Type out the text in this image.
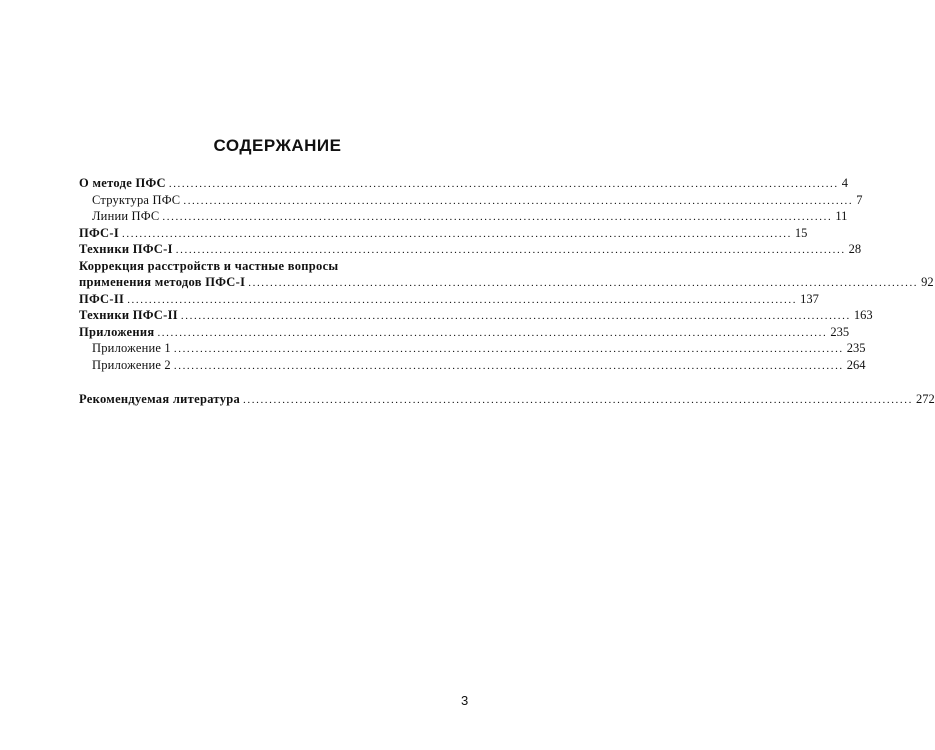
СОДЕРЖАНИЕ
О методе ПФС .......................................................................................................................................................... 4
Структура ПФС .......................................................................................................................................................... 7
Линии ПФС .......................................................................................................................................................... 11
ПФС-I .......................................................................................................................................................... 15
Техники ПФС-I .......................................................................................................................................................... 28
Коррекция расстройств и частные вопросы
применения методов ПФС-I .......................................................................................................................................................... 92
ПФС-II .......................................................................................................................................................... 137
Техники ПФС-II .......................................................................................................................................................... 163
Приложения .......................................................................................................................................................... 235
Приложение 1 .......................................................................................................................................................... 235
Приложение 2 .......................................................................................................................................................... 264
Рекомендуемая литература .......................................................................................................................................................... 272
3
